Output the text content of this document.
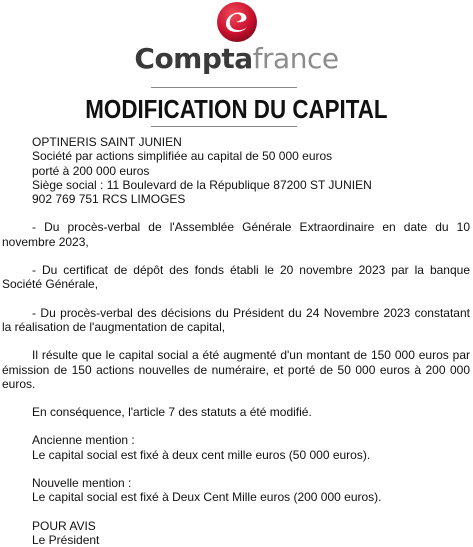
Comptafrance
MODIFICATION DU CAPITAL

OPTINERIS SAINT JUNIEN

Société par actions simplifiée au capital de 50 000 euros

porté à 200 000 euros

Siège social : 11 Boulevard de la République 87200 ST JUNIEN

902 769 751 RCS LIMOGES

- Du procès-verbal de l'Assemblée Générale Extraordinaire en date du 10 novembre 2023,

- Du certificat de dépôt des fonds établi le 20 novembre 2023 par la banque Société Générale,

- Du procès-verbal des décisions du Président du 24 Novembre 2023 constatant la réalisation de l'augmentation de capital,

Il résulte que le capital social a été augmenté d'un montant de 150 000 euros par émission de 150 actions nouvelles de numéraire, et porté de 50 000 euros à 200 000 euros.

En conséquence, l'article 7 des statuts a été modifié.

Ancienne mention :

Le capital social est fixé à deux cent mille euros (50 000 euros).

Nouvelle mention :

Le capital social est fixé à Deux Cent Mille euros (200 000 euros).

POUR AVIS

Le Président
